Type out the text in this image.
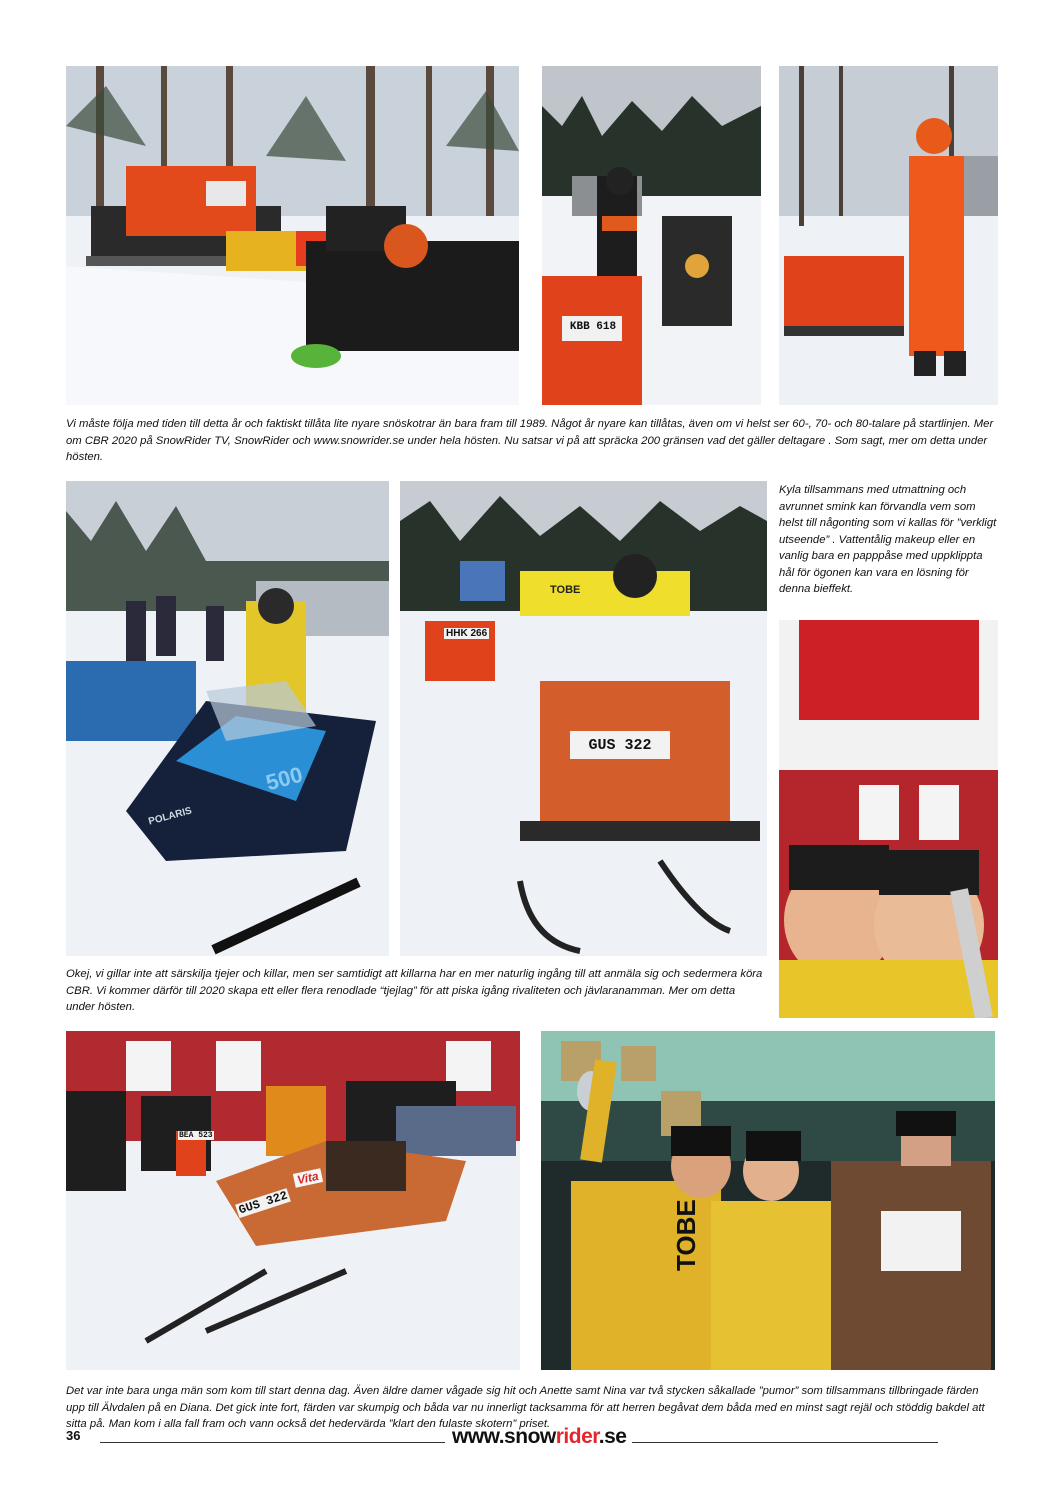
KBB 618
Vi måste följa med tiden till detta år och faktiskt tillåta lite nyare snöskotrar än bara fram till 1989. Något år nyare kan tillåtas, även om vi helst ser 60-, 70- och 80-talare på startlinjen. Mer om CBR 2020 på SnowRider TV, SnowRider och www.snowrider.se under hela hösten. Nu satsar vi på att spräcka 200 gränsen vad det gäller deltagare . Som sagt, mer om detta under hösten.
POLARIS
500
GUS 322
HHK 266
TOBE
Kyla tillsammans med utmattning och avrunnet smink kan förvandla vem som helst till någonting som vi kallas för ”verkligt utseende” . Vattentålig makeup eller en vanlig bara en papppåse med uppklippta hål för ögonen kan vara en lösning för denna bieffekt.
Okej, vi gillar inte att särskilja tjejer och killar, men ser samtidigt att killarna har en mer naturlig ingång till att anmäla sig och sedermera köra CBR. Vi kommer därför till 2020 skapa ett eller flera renodlade “tjejlag” för att piska igång rivaliteten och jävlaranamman. Mer om detta under hösten.
GUS 322
Vita
BEA 523
TOBE
Det var inte bara unga män som kom till start denna dag. Även äldre damer vågade sig hit och Anette samt Nina var två stycken såkallade ”pumor” som tillsammans tillbringade färden upp till Älvdalen på en Diana. Det gick inte fort, färden var skumpig och båda var nu innerligt tacksamma för att herren begåvat dem båda med en minst sagt rejäl och stöddig bakdel att sitta på. Man kom i alla fall fram och vann också det hedervärda ”klart den fulaste skotern” priset.
36	www.snowrider.se
